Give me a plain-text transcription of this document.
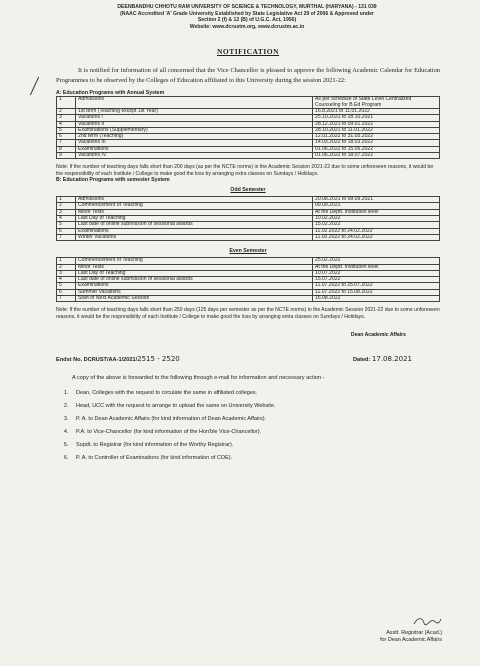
DEENBANDHU CHHOTU RAM UNIVERSITY OF SCIENCE & TECHNOLOGY, MURTHAL (HARYANA) - 131 039
(NAAC Accredited 'A' Grade University Established by State Legislative Act 29 of 2006 & Approved under
Section 2 (f) & 12 (B) of U.G.C. Act, 1956)
Website: www.dcrustm.org, www.dcrustm.ac.in
NOTIFICATION
It is notified for information of all concerned that the Vice Chancellor is pleased to approve the following Academic Calendar for Education Programmes to be observed by the Colleges of Education affiliated to this University during the session 2021-22:
A: Education Programs with Annual System
1	Admissions	As per schedule of State Level Centralized Counseling for B.Ed Program
2	1st term (Teaching except 1st Year)	16.8.2021 to 11.01.2022
3	Vacations I	25.10.2021 to 28.10.2021
4	Vacations II	28.12.2021 to 09.01.2022
5	Examinations (Supplementary)	28.10.2021 to 11.01.2022
6	2nd term (Teaching)	12.01.2022 to 31.05.2022
7	Vacations III	14.03.2022 to 18.03.2022
8	Examinations	01.06.2022 to 15.06.2022
9	Vacations IV	01.06.2022 to 18.07.2022
Note: If the number of teaching days falls short than 200 days (as per the NCTE norms) in the Academic Session 2021-22 due to some unforeseen reasons, it would be the responsibility of each Institute / College to make good the loss by arranging extra classes on Sundays / Holidays.
B: Education Programs with semester System
Odd Semester
1	Admissions	20.08.2021 to 09.09.2021
2	Commencement of Teaching	09.09.2021
3	Minor Tests	At the Deptt. Institution level
4	Last Day of Teaching	10.02.2022
5	Last date of online submission of sessional awards	15.02.2022
6	Examinations	11.02.2022 to 24.02.2022
7	Winter Vacations	11.02.2022 to 24.02.2022
Even Semester
1	Commencement of Teaching	25.02.2022
2	Minor Tests	At the Deptt. Institution level
3	Last Day of Teaching	10.07.2022
4	Last date of online submission of sessional awards	15.07.2022
5	Examinations	11.07.2022 to 25.07.2022
6	Summer Vacations	11.07.2022 to 15.08.2022
7	Start of Next Academic Session	16.08.2022
Note: If the number of teaching days falls short than 250 days (125 days per semester as per the NCTE norms) in the Academic Session 2021-22 due to some unforeseen reasons, it would be the responsibility of each Institute / College to make good the loss by arranging extra classes on Sundays / Holidays.
Dean Academic Affairs
Endst No. DCRUST/AA-1/2021/2515 - 2520	Dated: 17.08.2021
A copy of the above is forwarded to the following through e-mail for information and necessary action -
1. Dean, Colleges with the request to circulate the same in affiliated colleges.
2. Head, UCC with the request to arrange to upload the same on University Website.
3. P. A. to Dean Academic Affairs (for kind information of Dean Academic Affairs).
4. P.A. to Vice-Chancellor (for kind information of the Hon'ble Vice-Chancellor).
5. Supdt. to Registrar (for kind information of the Worthy Registrar).
6. P. A. to Controller of Examinations (for kind information of COE).
Asstt. Registrar (Acad.)
for Dean Academic Affairs
